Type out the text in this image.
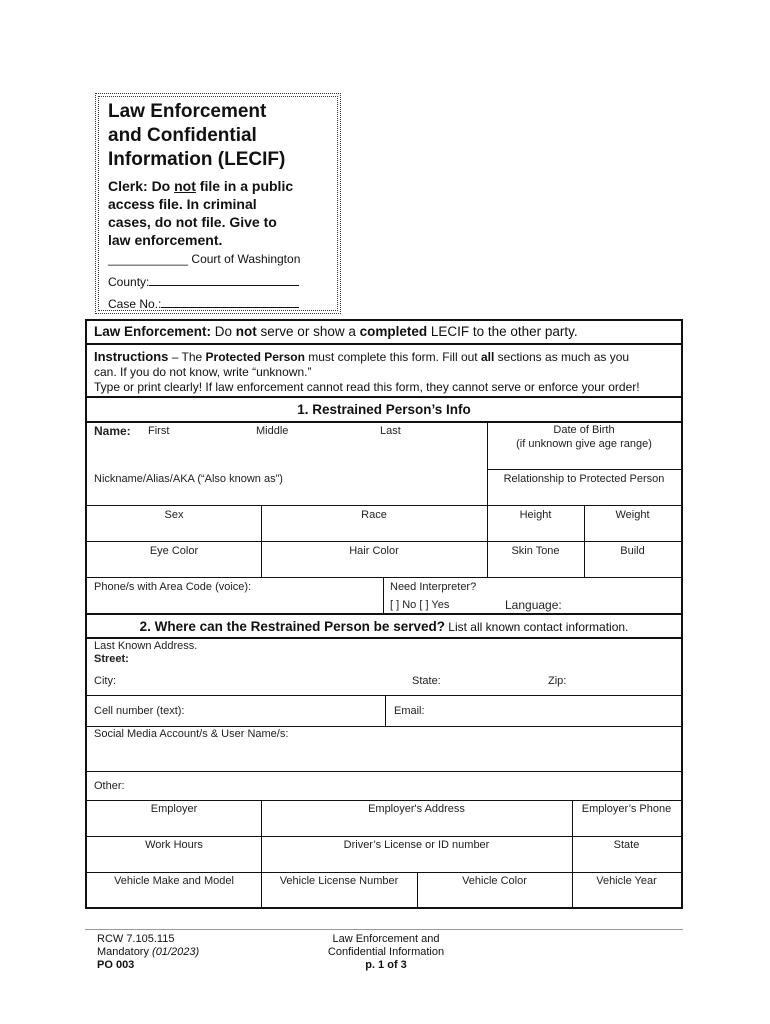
Law Enforcement
and Confidential
Information (LECIF)
Clerk: Do not file in a public
access file. In criminal
cases, do not file. Give to
law enforcement.
____________ Court of Washington
County:
Case No.:
Law Enforcement: Do not serve or show a completed LECIF to the other party.
Instructions – The Protected Person must complete this form. Fill out all sections as much as you
can. If you do not know, write “unknown.”
Type or print clearly! If law enforcement cannot read this form, they cannot serve or enforce your order!
1. Restrained Person’s Info
Name: First	Middle	Last	Date of Birth
(if unknown give age range)
Nickname/Alias/AKA (“Also known as”)	Relationship to Protected Person
Sex	Race	Height	Weight
Eye Color	Hair Color	Skin Tone	Build
Phone/s with Area Code (voice):	Need Interpreter?
[ ] No [ ] Yes	Language:
2. Where can the Restrained Person be served? List all known contact information.
Last Known Address.
Street:
City:	State:	Zip:
Cell number (text):	Email:
Social Media Account/s & User Name/s:
Other:
Employer	Employer's Address	Employer’s Phone
Work Hours	Driver’s License or ID number	State
Vehicle Make and Model	Vehicle License Number	Vehicle Color	Vehicle Year
RCW 7.105.115
Mandatory (01/2023)
PO 003
Law Enforcement and
Confidential Information
p. 1 of 3
